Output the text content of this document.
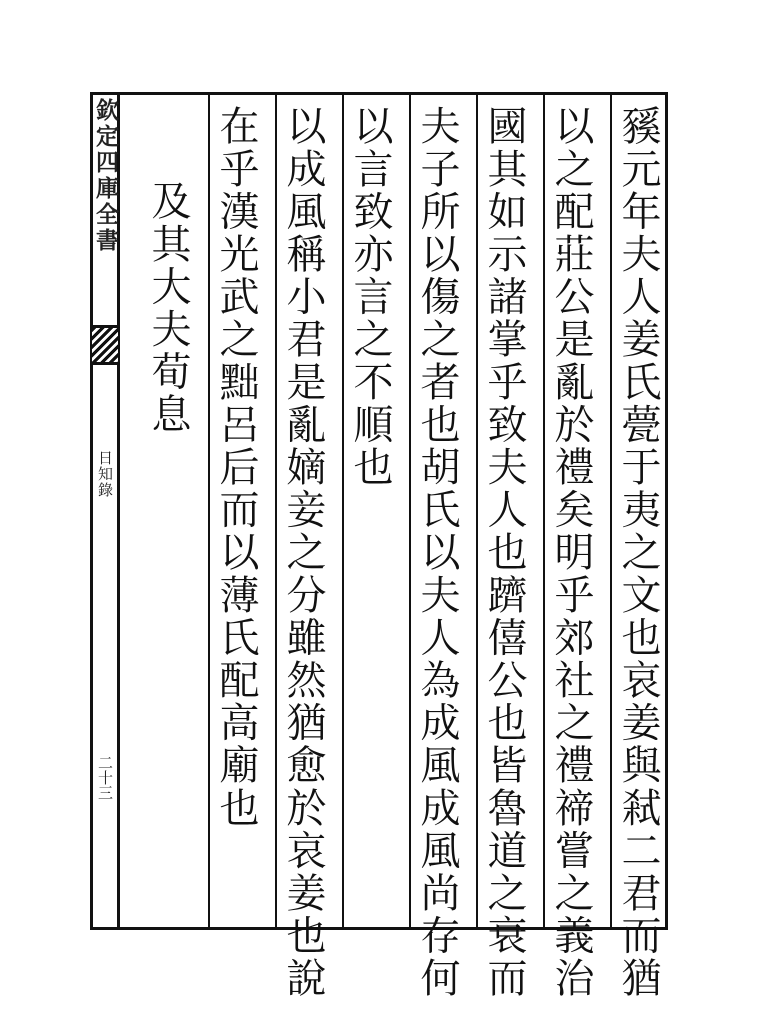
欽定四庫全書
日知錄
二十三	豯元年夫人姜氏甍于夷之文也哀姜與弒二君而猶
以之配莊公是亂於禮矣明乎郊社之禮禘嘗之義治
國其如示諸掌乎致夫人也躋僖公也皆魯道之衰而
夫子所以傷之者也胡氏以夫人為成風成風尚存何
以言致亦言之不順也
以成風稱小君是亂嫡妾之分雖然猶愈於哀姜也說
在乎漢光武之黜呂后而以薄氏配高廟也
及其大夫荀息
